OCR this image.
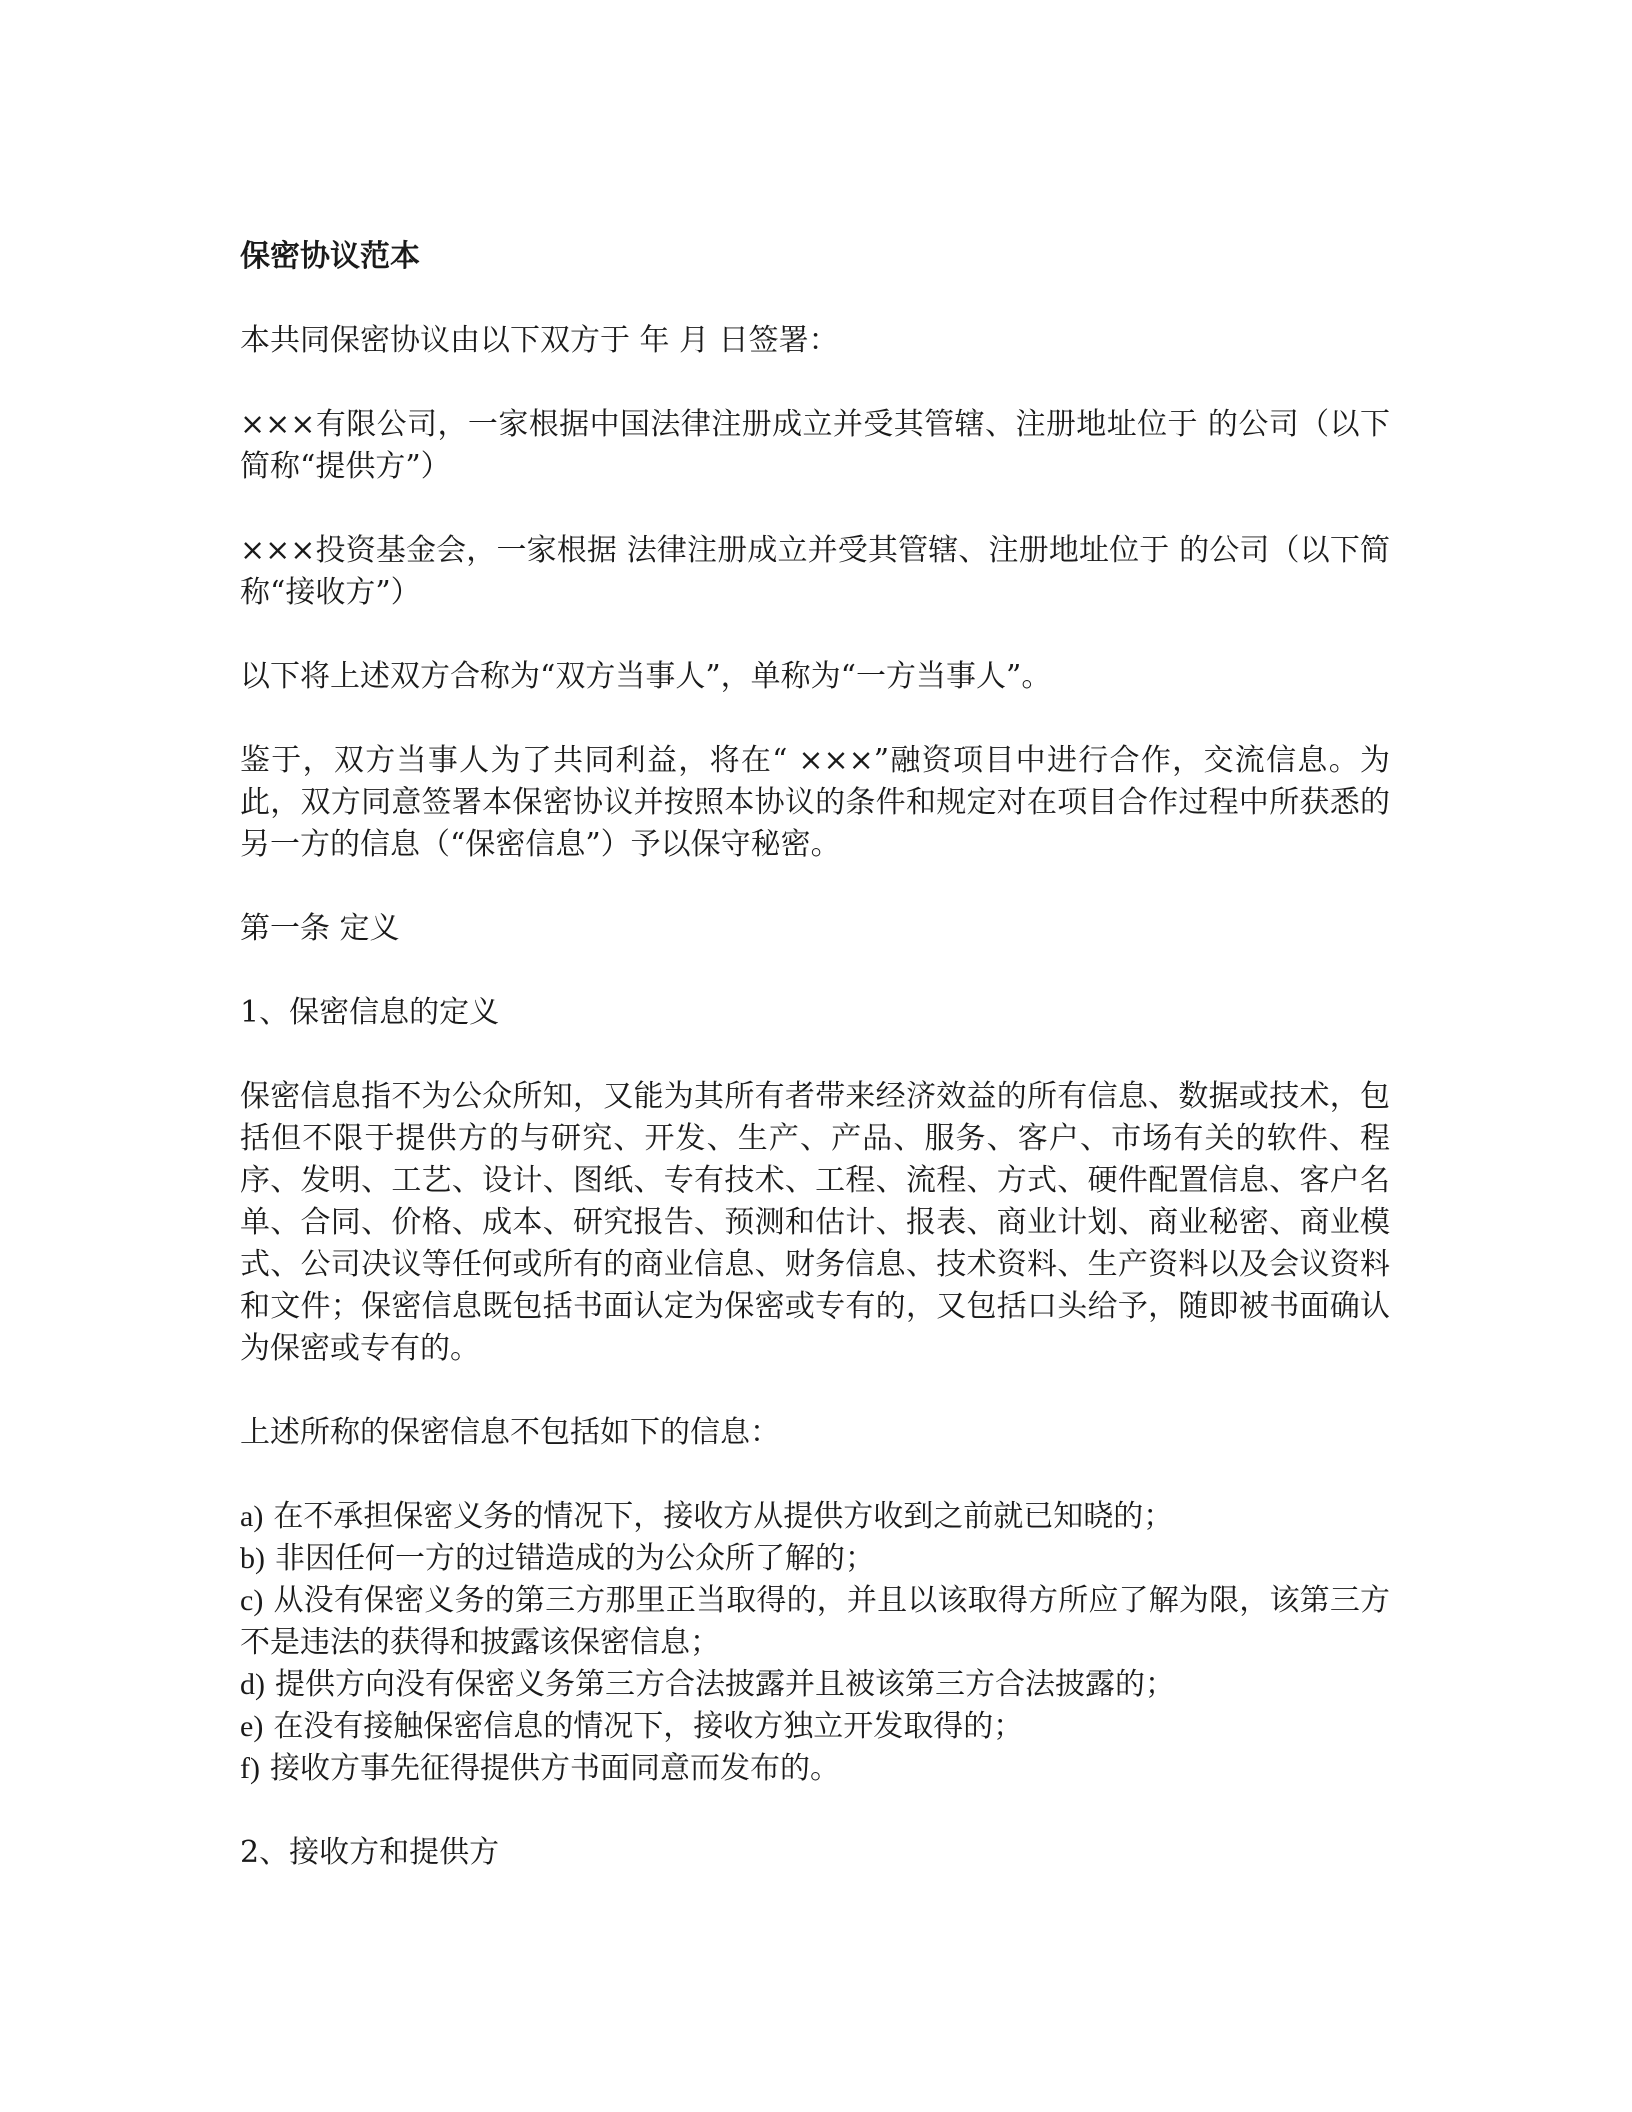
保密协议范本
本共同保密协议由以下双方于 年 月 日签署：
×××有限公司，一家根据中国法律注册成立并受其管辖、注册地址位于 的公司（以下简称“提供方”）
×××投资基金会，一家根据 法律注册成立并受其管辖、注册地址位于 的公司（以下简称“接收方”）
以下将上述双方合称为“双方当事人”，单称为“一方当事人”。
鉴于，双方当事人为了共同利益，将在“ ×××”融资项目中进行合作，交流信息。为此，双方同意签署本保密协议并按照本协议的条件和规定对在项目合作过程中所获悉的另一方的信息（“保密信息”）予以保守秘密。
第一条 定义
1、保密信息的定义
保密信息指不为公众所知，又能为其所有者带来经济效益的所有信息、数据或技术，包括但不限于提供方的与研究、开发、生产、产品、服务、客户、市场有关的软件、程序、发明、工艺、设计、图纸、专有技术、工程、流程、方式、硬件配置信息、客户名单、合同、价格、成本、研究报告、预测和估计、报表、商业计划、商业秘密、商业模式、公司决议等任何或所有的商业信息、财务信息、技术资料、生产资料以及会议资料和文件；保密信息既包括书面认定为保密或专有的，又包括口头给予，随即被书面确认为保密或专有的。
上述所称的保密信息不包括如下的信息：
a) 在不承担保密义务的情况下，接收方从提供方收到之前就已知晓的；
b) 非因任何一方的过错造成的为公众所了解的；
c) 从没有保密义务的第三方那里正当取得的，并且以该取得方所应了解为限，该第三方不是违法的获得和披露该保密信息；
d) 提供方向没有保密义务第三方合法披露并且被该第三方合法披露的；
e) 在没有接触保密信息的情况下，接收方独立开发取得的；
f) 接收方事先征得提供方书面同意而发布的。
2、接收方和提供方
